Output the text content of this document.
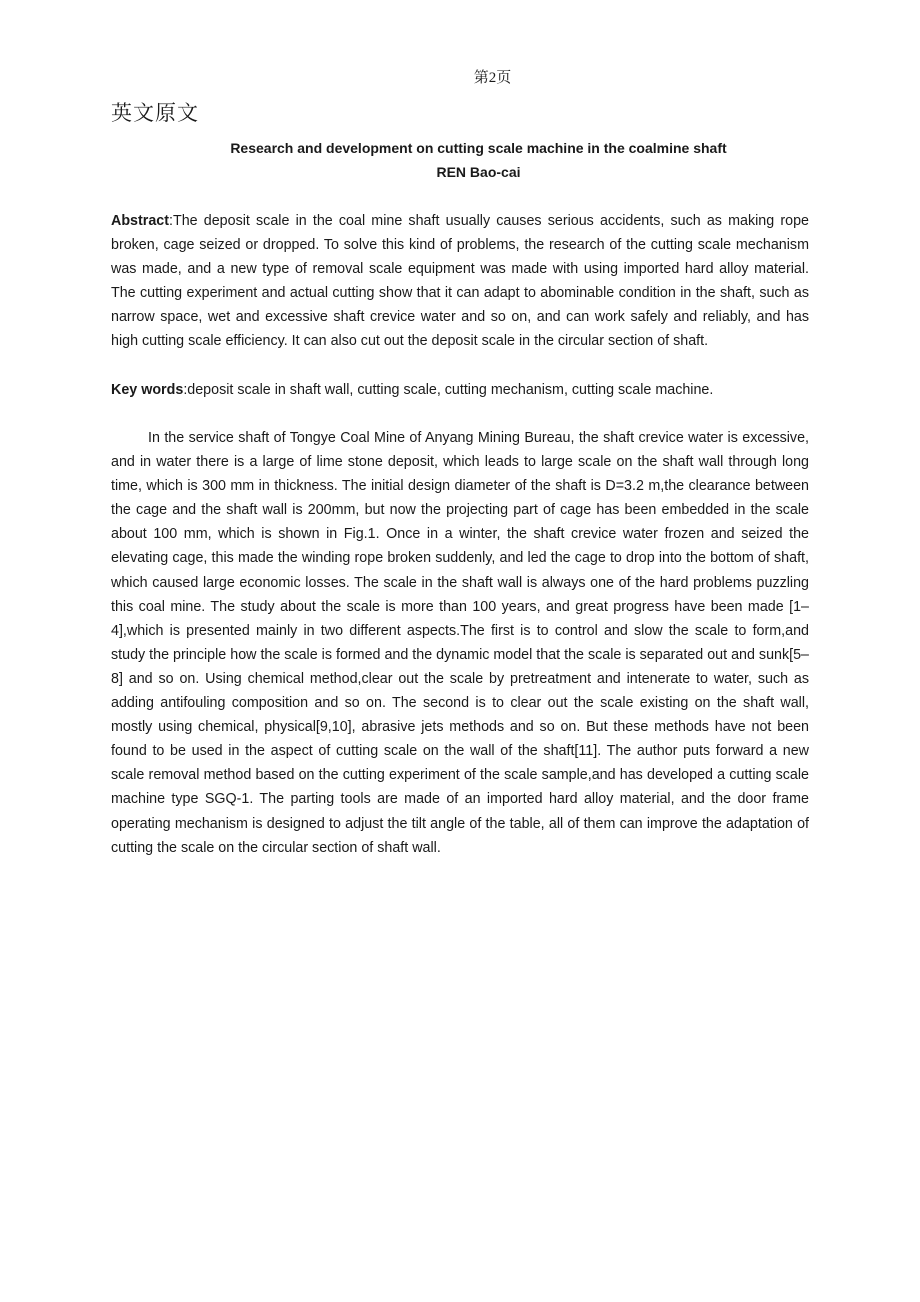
第2页
英文原文
Research and development on cutting scale machine in the coalmine shaft
REN Bao-cai
Abstract:The deposit scale in the coal mine shaft usually causes serious accidents, such as making rope broken, cage seized or dropped. To solve this kind of problems, the research of the cutting scale mechanism was made, and a new type of removal scale equipment was made with using imported hard alloy material. The cutting experiment and actual cutting show that it can adapt to abominable condition in the shaft, such as narrow space, wet and excessive shaft crevice water and so on, and can work safely and reliably, and has high cutting scale efficiency. It can also cut out the deposit scale in the circular section of shaft.
Key words:deposit scale in shaft wall, cutting scale, cutting mechanism, cutting scale machine.
In the service shaft of Tongye Coal Mine of Anyang Mining Bureau, the shaft crevice water is excessive, and in water there is a large of lime stone deposit, which leads to large scale on the shaft wall through long time, which is 300 mm in thickness. The initial design diameter of the shaft is D=3.2 m,the clearance between the cage and the shaft wall is 200mm, but now the projecting part of cage has been embedded in the scale about 100 mm, which is shown in Fig.1. Once in a winter, the shaft crevice water frozen and seized the elevating cage, this made the winding rope broken suddenly, and led the cage to drop into the bottom of shaft, which caused large economic losses. The scale in the shaft wall is always one of the hard problems puzzling this coal mine. The study about the scale is more than 100 years, and great progress have been made [1–4],which is presented mainly in two different aspects.The first is to control and slow the scale to form,and study the principle how the scale is formed and the dynamic model that the scale is separated out and sunk[5–8] and so on. Using chemical method,clear out the scale by pretreatment and intenerate to water, such as adding antifouling composition and so on. The second is to clear out the scale existing on the shaft wall, mostly using chemical, physical[9,10], abrasive jets methods and so on. But these methods have not been found to be used in the aspect of cutting scale on the wall of the shaft[11]. The author puts forward a new scale removal method based on the cutting experiment of the scale sample,and has developed a cutting scale machine type SGQ-1. The parting tools are made of an imported hard alloy material, and the door frame operating mechanism is designed to adjust the tilt angle of the table, all of them can improve the adaptation of cutting the scale on the circular section of shaft wall.
